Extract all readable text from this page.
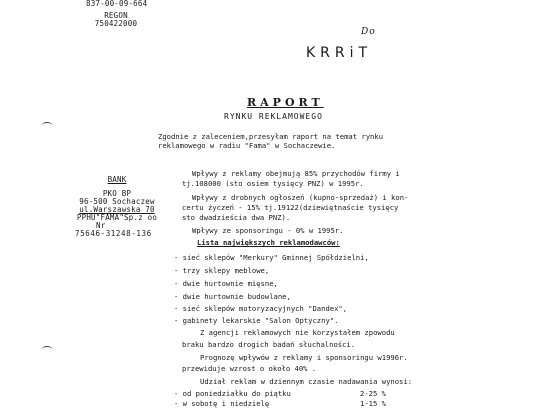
837-00-09-664
REGON
750422000
BANK
PKO BP
96-500 Sochaczew
ul.Warszawska 70
PPHU"FAMA"Sp.z oo
Nr
75646-31248-136
Do
KRRiT
RAPORT
RYNKU REKLAMOWEGO
Zgodnie z zaleceniem,przesyłam raport na temat rynku
reklamowego w radiu "Fama" w Sochaczewie.
Wpływy z reklamy obejmują 85% przychodów firmy i
tj.108000 (sto osiem tysięcy PNZ) w 1995r.
Wpływy z drobnych ogłoszeń (kupno-sprzedaż) i kon-
certu życzeń - 15% tj.19122(dziewiętnaście tysięcy
sto dwadzieścia dwa PNZ).
Wpływy ze sponsoringu - 0% w 1995r.
Lista największych reklamodawców:
- sieć sklepów "Merkury" Gminnej Spółdzielni,
- trzy sklepy meblowe,
- dwie hurtownie mięsne,
- dwie hurtownie budowlane,
- sieć sklepów motoryzacyjnych "Dandex",
- gabinety lekarskie "Salon Optyczny".
Z agencji reklamowych nie korzystałem zpowodu
braku bardzo drogich badań słuchalności.
Prognozę wpływów z reklamy i sponsoringu w1996r.
przewiduje wzrost o około 40% .
Udział reklam w dziennym czasie nadawania wynosi:
- od poniedziałku do piątku	2-25 %
- w sobotę i niedzielę	1-15 %
